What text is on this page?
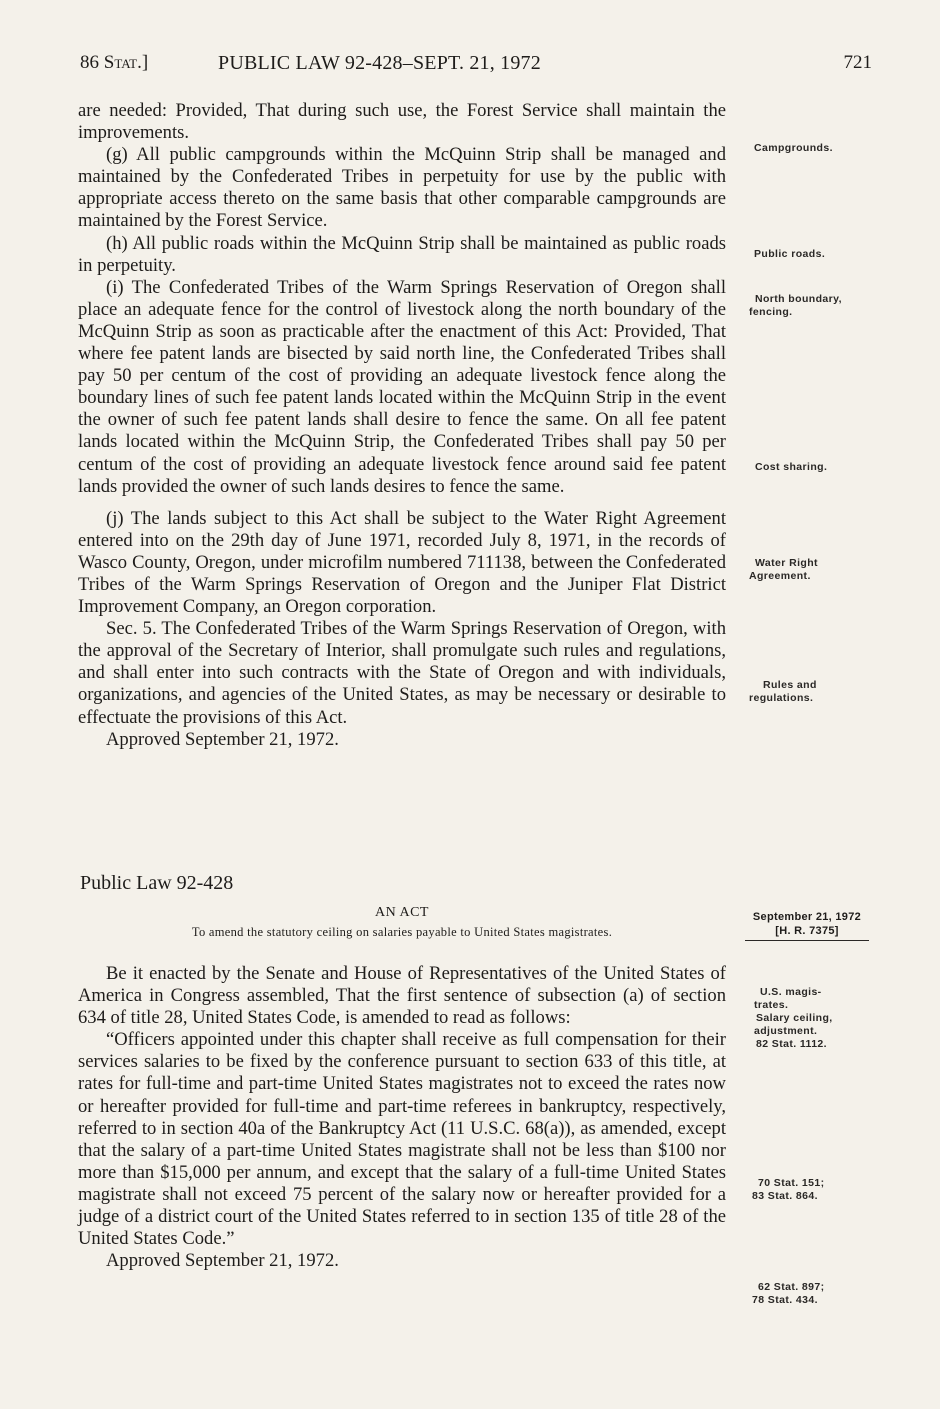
86 Stat.]	PUBLIC LAW 92-428–SEPT. 21, 1972	721

are needed: Provided, That during such use, the Forest Service shall maintain the improvements.

(g) All public campgrounds within the McQuinn Strip shall be managed and maintained by the Confederated Tribes in perpetuity for use by the public with appropriate access thereto on the same basis that other comparable campgrounds are maintained by the Forest Service.

(h) All public roads within the McQuinn Strip shall be maintained as public roads in perpetuity.

(i) The Confederated Tribes of the Warm Springs Reservation of Oregon shall place an adequate fence for the control of livestock along the north boundary of the McQuinn Strip as soon as practicable after the enactment of this Act: Provided, That where fee patent lands are bisected by said north line, the Confederated Tribes shall pay 50 per centum of the cost of providing an adequate livestock fence along the boundary lines of such fee patent lands located within the McQuinn Strip in the event the owner of such fee patent lands shall desire to fence the same. On all fee patent lands located within the McQuinn Strip, the Confederated Tribes shall pay 50 per centum of the cost of providing an adequate livestock fence around said fee patent lands provided the owner of such lands desires to fence the same.

(j) The lands subject to this Act shall be subject to the Water Right Agreement entered into on the 29th day of June 1971, recorded July 8, 1971, in the records of Wasco County, Oregon, under microfilm numbered 711138, between the Confederated Tribes of the Warm Springs Reservation of Oregon and the Juniper Flat District Improvement Company, an Oregon corporation.

Sec. 5. The Confederated Tribes of the Warm Springs Reservation of Oregon, with the approval of the Secretary of Interior, shall promulgate such rules and regulations, and shall enter into such contracts with the State of Oregon and with individuals, organizations, and agencies of the United States, as may be necessary or desirable to effectuate the provisions of this Act.

Approved September 21, 1972.

Public Law 92-428
AN ACT
To amend the statutory ceiling on salaries payable to United States magistrates.

Be it enacted by the Senate and House of Representatives of the United States of America in Congress assembled, That the first sentence of subsection (a) of section 634 of title 28, United States Code, is amended to read as follows:

“Officers appointed under this chapter shall receive as full compensation for their services salaries to be fixed by the conference pursuant to section 633 of this title, at rates for full-time and part-time United States magistrates not to exceed the rates now or hereafter provided for full-time and part-time referees in bankruptcy, respectively, referred to in section 40a of the Bankruptcy Act (11 U.S.C. 68(a)), as amended, except that the salary of a part-time United States magistrate shall not be less than $100 nor more than $15,000 per annum, and except that the salary of a full-time United States magistrate shall not exceed 75 percent of the salary now or hereafter provided for a judge of a district court of the United States referred to in section 135 of title 28 of the United States Code.”

Approved September 21, 1972.

Campgrounds.
Public roads.
North boundary,
fencing.
Cost sharing.
Water Right
Agreement.
Rules and
regulations.
September 21, 1972
[H. R. 7375]
U.S. magis-
trates.
Salary ceiling,
adjustment.
82 Stat. 1112.
70 Stat. 151;
83 Stat. 864.
62 Stat. 897;
78 Stat. 434.
